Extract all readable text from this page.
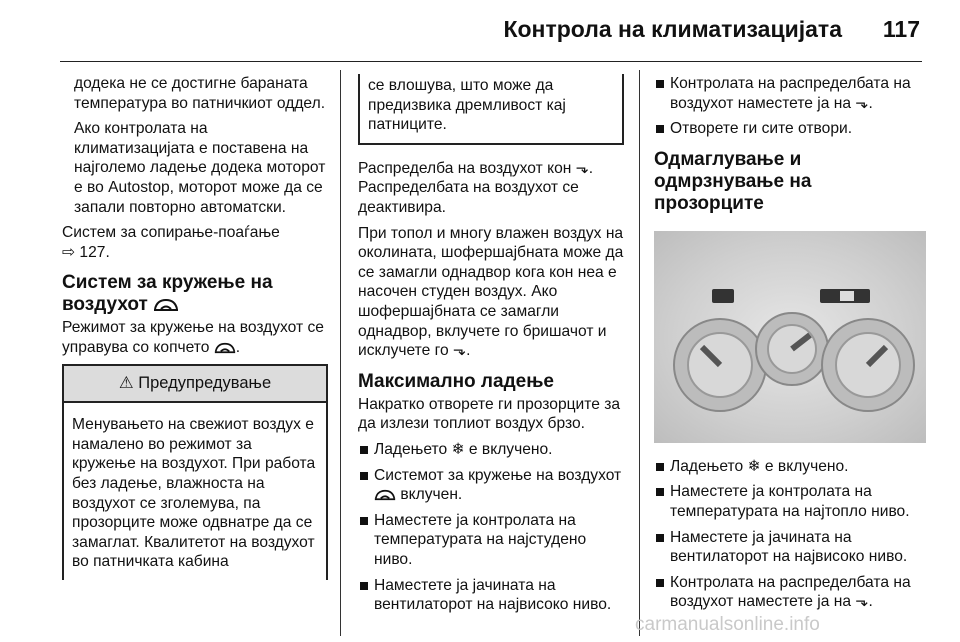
Контрола на климатизацијата 117

додека не се достигне бараната температура во патничкиот оддел.

Ако контролата на климатизацијата е поставена на најголемо ладење додека моторот е во Autostop, моторот може да се запали повторно автоматски.

Систем за сопирање-поаѓање
⇨ 127.

Систем за кружење на воздухот

Режимот за кружење на воздухот се управува со копчето .

⚠ Предупредување
Менувањето на свежиот воздух е намалено во режимот за кружење на воздухот. При работа без ладење, влажноста на воздухот се зголемува, па прозорците може одвнатре да се замаглат. Квалитетот на воздухот во патничката кабина
се влошува, што може да предизвика дремливост кај патниците.

Распределба на воздухот кон ⬎. Распределбата на воздухот се деактивира.

При топол и многу влажен воздух на околината, шофершајбната може да се замагли однадвор кога кон неа е насочен студен воздух. Ако шофершајбната се замагли однадвор, вклучете го бришачот и исклучете го ⬎.

Максимално ладење

Накратко отворете ги прозорците за да излези топлиот воздух брзо.

Ладењето ❄ е вклучено.
Системот за кружење на воздухот  вклучен.
Наместете ја контролата на температурата на најстудено ниво.
Наместете ја јачината на вентилаторот на највисоко ниво.
Контролата на распределбата на воздухот наместете ја на ⬎.
Отворете ги сите отвори.
Одмаглување и одмрзнување на прозорците
Ладењето ❄ е вклучено.
Наместете ја контролата на температурата на најтопло ниво.
Наместете ја јачината на вентилаторот на највисоко ниво.
Контролата на распределбата на воздухот наместете ја на ⬎.
carmanualsonline.info
